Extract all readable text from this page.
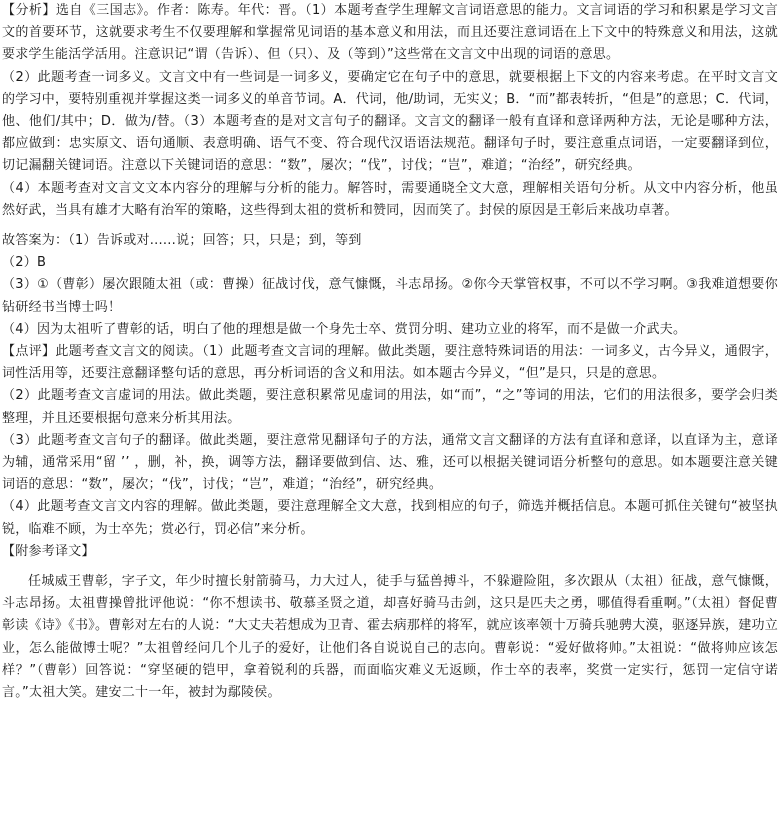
【分析】选自《三国志》。作者：陈寿。年代：晋。（1）本题考查学生理解文言词语意思的能力。文言词语的学习和积累是学习文言文的首要环节，这就要求考生不仅要理解和掌握常见词语的基本意义和用法，而且还要注意词语在上下文中的特殊意义和用法，这就要求学生能活学活用。注意识记“谓（告诉）、但（只）、及（等到）”这些常在文言文中出现的词语的意思。

（2）此题考查一词多义。文言文中有一些词是一词多义，要确定它在句子中的意思，就要根据上下文的内容来考虑。在平时文言文的学习中，要特别重视并掌握这类一词多义的单音节词。A．代词，他/助词，无实义；B．“而”都表转折，“但是”的意思；C．代词，他、他们/其中；D．做为/替。（3）本题考查的是对文言句子的翻译。文言文的翻译一般有直译和意译两种方法，无论是哪种方法，都应做到：忠实原文、语句通顺、表意明确、语气不变、符合现代汉语语法规范。翻译句子时，要注意重点词语，一定要翻译到位，切记漏翻关键词语。注意以下关键词语的意思：“数”，屡次；“伐”，讨伐；“岂”，难道；“治经”，研究经典。

（4）本题考查对文言文文本内容分的理解与分析的能力。解答时，需要通晓全文大意，理解相关语句分析。从文中内容分析，他虽然好武，当具有雄才大略有治军的策略，这些得到太祖的赏析和赞同，因而笑了。封侯的原因是王彰后来战功卓著。

故答案为：（1）告诉或对......说；回答；只，只是；到，等到

（2）B

（3）①（曹彰）屡次跟随太祖（或：曹操）征战讨伐，意气慷慨，斗志昂扬。②你今天掌管权事，不可以不学习啊。③我难道想要你钻研经书当博士吗！

（4）因为太祖听了曹彰的话，明白了他的理想是做一个身先士卒、赏罚分明、建功立业的将军，而不是做一介武夫。

【点评】此题考查文言文的阅读。（1）此题考查文言词的理解。做此类题，要注意特殊词语的用法：一词多义，古今异义，通假字，词性活用等，还要注意翻译整句话的意思，再分析词语的含义和用法。如本题古今异义，“但”是只，只是的意思。

（2）此题考查文言虚词的用法。做此类题，要注意积累常见虚词的用法，如“而”，“之”等词的用法，它们的用法很多，要学会归类整理，并且还要根据句意来分析其用法。

（3）此题考查文言句子的翻译。做此类题，要注意常见翻译句子的方法，通常文言文翻译的方法有直译和意译，以直译为主，意译为辅，通常采用“留 ’’ ，删，补，换，调等方法，翻译要做到信、达、雅，还可以根据关键词语分析整句的意思。如本题要注意关键词语的意思：“数”，屡次；“伐”，讨伐；“岂”，难道；“治经”，研究经典。

（4）此题考查文言文内容的理解。做此类题，要注意理解全文大意，找到相应的句子，筛选并概括信息。本题可抓住关键句“被坚执锐，临难不顾，为士卒先；赏必行，罚必信”来分析。

【附参考译文】

任城威王曹彰，字子文，年少时擅长射箭骑马，力大过人，徒手与猛兽搏斗，不躲避险阻，多次跟从（太祖）征战，意气慷慨，斗志昂扬。太祖曹操曾批评他说：“你不想读书、敬慕圣贤之道，却喜好骑马击剑，这只是匹夫之勇，哪值得看重啊。”（太祖）督促曹彰读《诗》《书》。曹彰对左右的人说：“大丈夫若想成为卫青、霍去病那样的将军，就应该率领十万骑兵驰骋大漠，驱逐异族，建功立业，怎么能做博士呢？”太祖曾经问几个儿子的爱好，让他们各自说说自己的志向。曹彰说：“爱好做将帅。”太祖说：“做将帅应该怎样？”（曹彰）回答说：“穿坚硬的铠甲，拿着锐利的兵器，而面临灾难义无返顾，作士卒的表率，奖赏一定实行，惩罚一定信守诺言。”太祖大笑。建安二十一年，被封为鄢陵侯。
